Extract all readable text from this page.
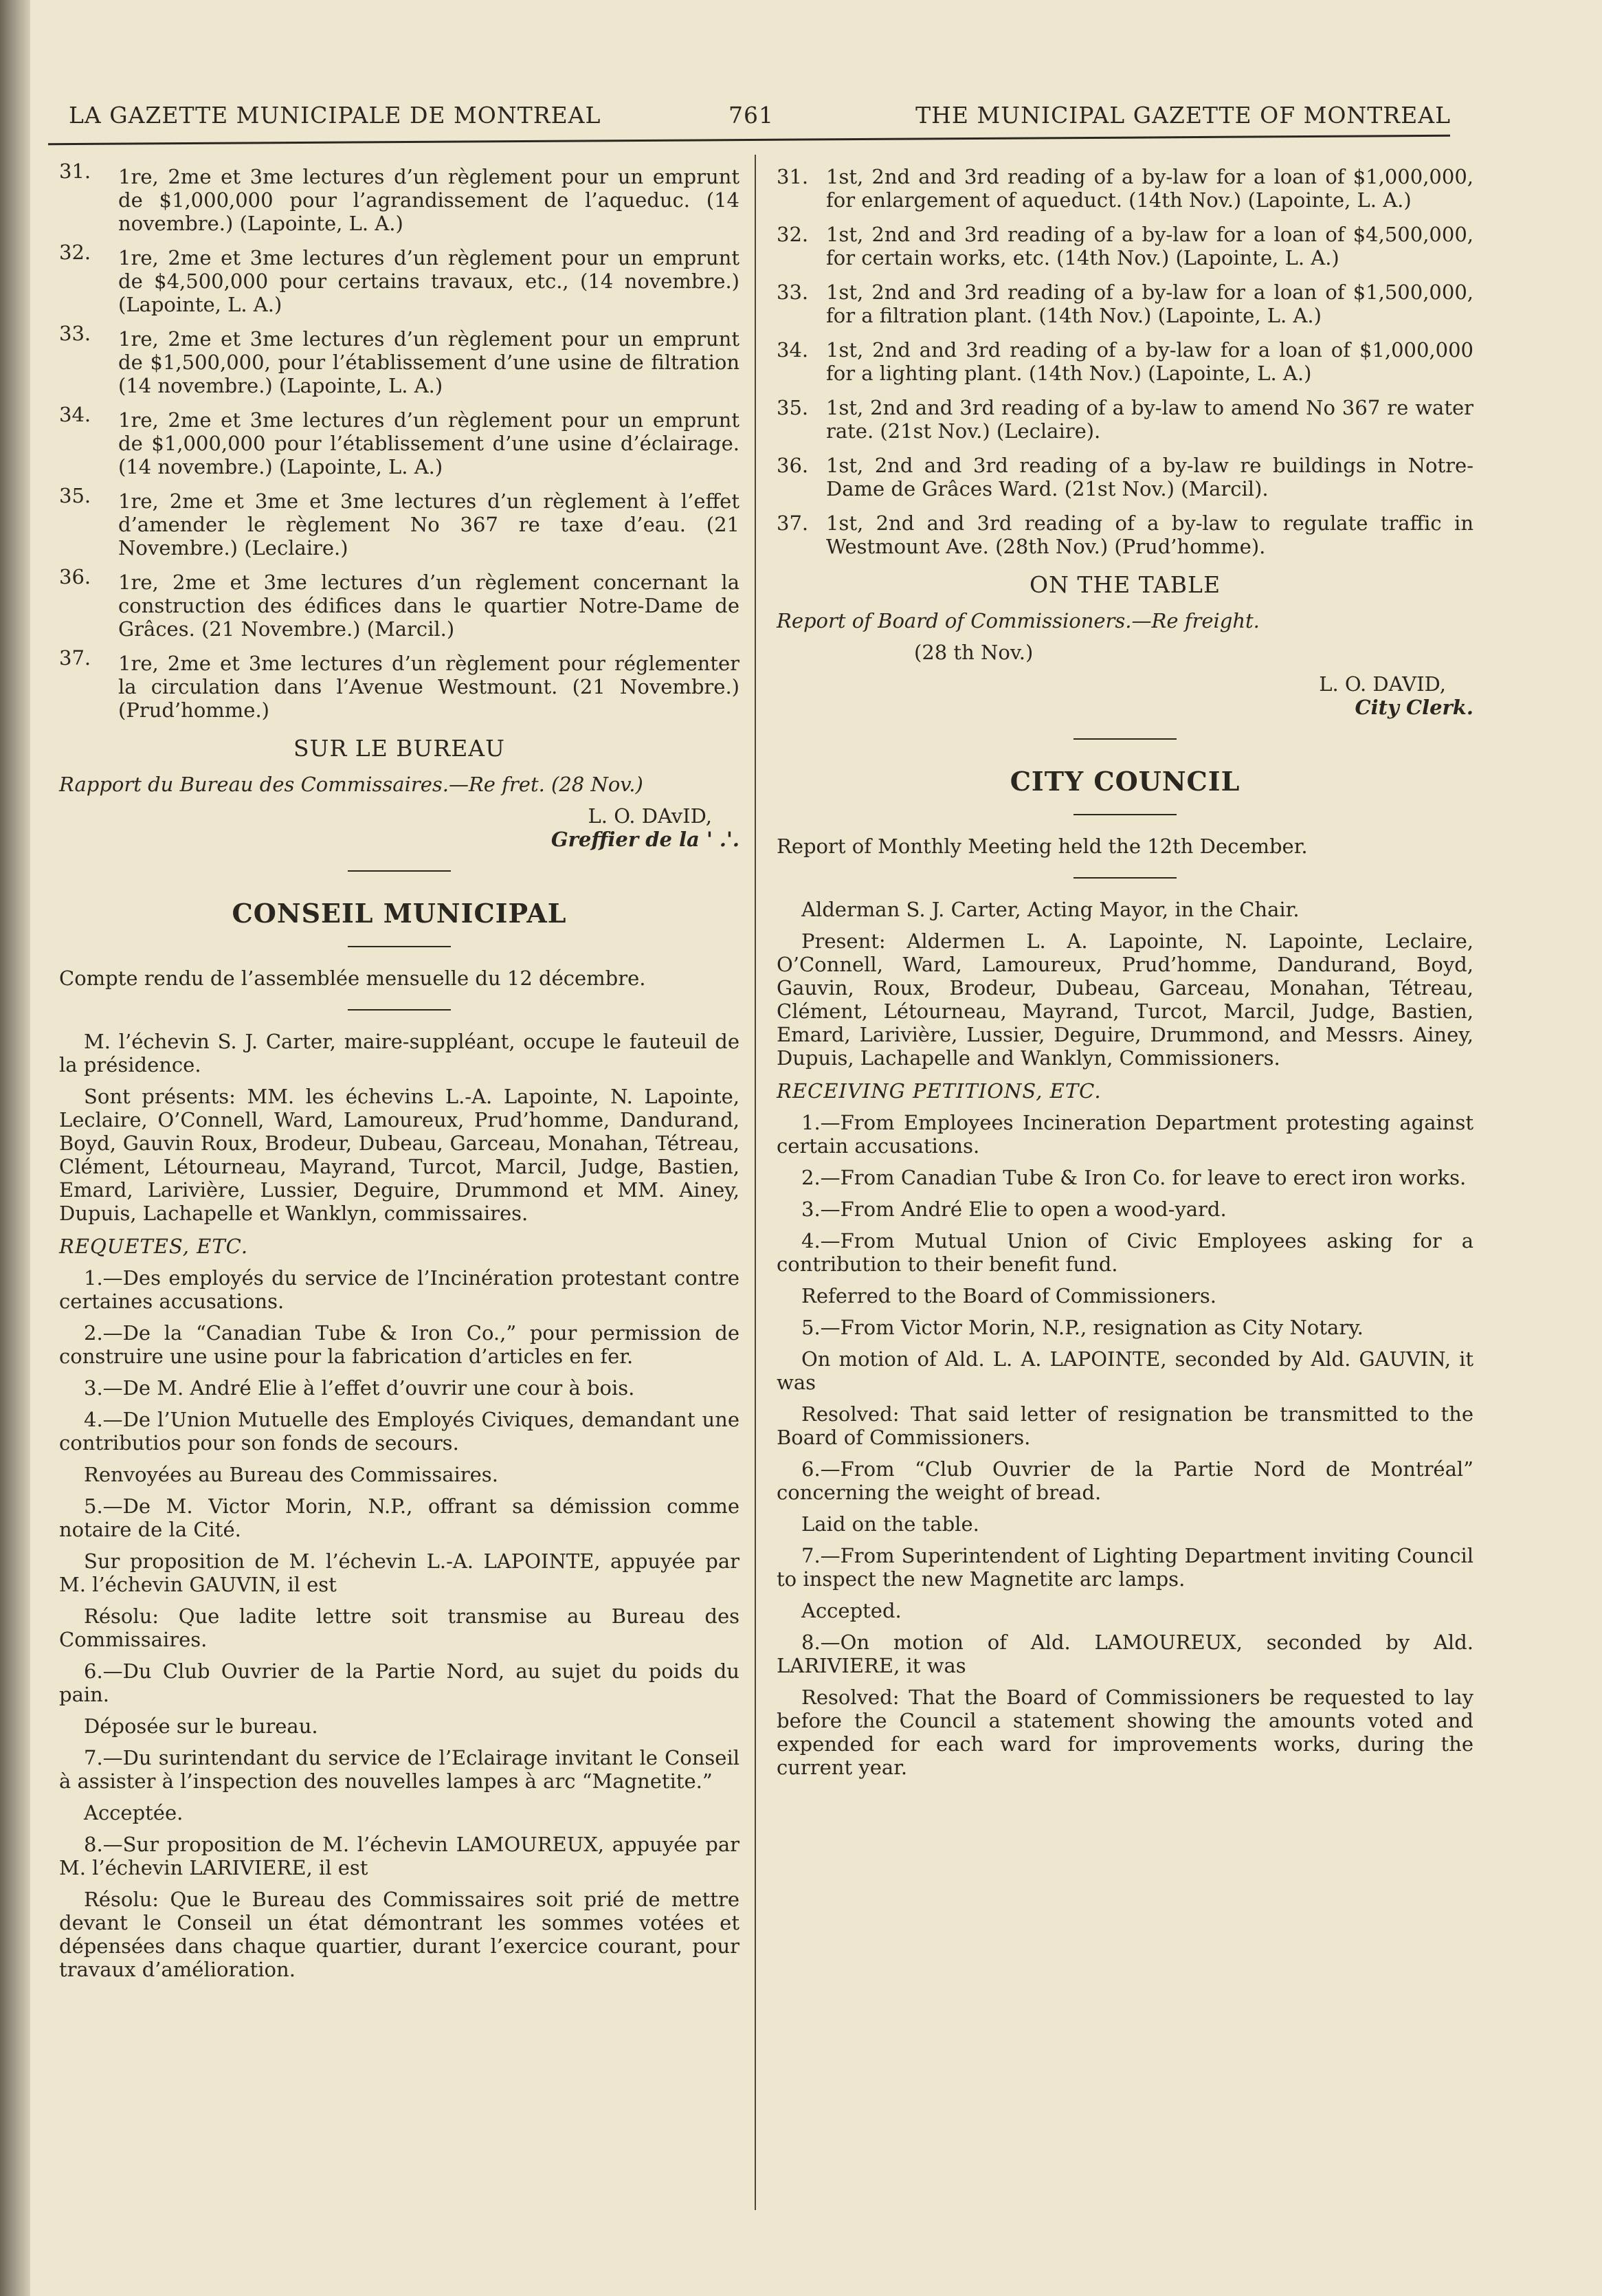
LA GAZETTE MUNICIPALE DE MONTREAL	761	THE MUNICIPAL GAZETTE OF MONTREAL
31.	1re, 2me et 3me lectures d’un règlement pour un emprunt de $1,000,000 pour l’agrandissement de l’aqueduc. (14 novembre.) (Lapointe, L. A.)
32.	1re, 2me et 3me lectures d’un règlement pour un emprunt de $4,500,000 pour certains travaux, etc., (14 novembre.) (Lapointe, L. A.)
33.	1re, 2me et 3me lectures d’un règlement pour un emprunt de $1,500,000, pour l’établissement d’une usine de filtration (14 novembre.) (Lapointe, L. A.)
34.	1re, 2me et 3me lectures d’un règlement pour un emprunt de $1,000,000 pour l’établissement d’une usine d’éclairage. (14 novembre.) (Lapointe, L. A.)
35.	1re, 2me et 3me et 3me lectures d’un règlement à l’effet d’amender le règlement No 367 re taxe d’eau. (21 Novembre.) (Leclaire.)
36.	1re, 2me et 3me lectures d’un règlement concernant la construction des édifices dans le quartier Notre-Dame de Grâces. (21 Novembre.) (Marcil.)
37.	1re, 2me et 3me lectures d’un règlement pour réglementer la circulation dans l’Avenue Westmount. (21 Novembre.) (Prud’homme.)
SUR LE BUREAU
Rapport du Bureau des Commissaires.—Re fret. (28 Nov.)
L. O. DAvID,
Greffier de la ' .'.
CONSEIL MUNICIPAL
Compte rendu de l’assemblée mensuelle du 12 décembre.
M. l’échevin S. J. Carter, maire-suppléant, occupe le fauteuil de la présidence.
Sont présents: MM. les échevins L.-A. Lapointe, N. Lapointe, Leclaire, O’Connell, Ward, Lamoureux, Prud’homme, Dandurand, Boyd, Gauvin Roux, Brodeur, Dubeau, Garceau, Monahan, Tétreau, Clément, Létourneau, Mayrand, Turcot, Marcil, Judge, Bastien, Emard, Larivière, Lussier, Deguire, Drummond et MM. Ainey, Dupuis, Lachapelle et Wanklyn, commissaires.
REQUETES, ETC.
1.—Des employés du service de l’Incinération protestant contre certaines accusations.
2.—De la “Canadian Tube & Iron Co.,” pour permission de construire une usine pour la fabrication d’articles en fer.
3.—De M. André Elie à l’effet d’ouvrir une cour à bois.
4.—De l’Union Mutuelle des Employés Civiques, demandant une contributios pour son fonds de secours.
Renvoyées au Bureau des Commissaires.
5.—De M. Victor Morin, N.P., offrant sa démission comme notaire de la Cité.
Sur proposition de M. l’échevin L.-A. LAPOINTE, appuyée par M. l’échevin GAUVIN, il est
Résolu: Que ladite lettre soit transmise au Bureau des Commissaires.
6.—Du Club Ouvrier de la Partie Nord, au sujet du poids du pain.
Déposée sur le bureau.
7.—Du surintendant du service de l’Eclairage invitant le Conseil à assister à l’inspection des nouvelles lampes à arc “Magnetite.”
Acceptée.
8.—Sur proposition de M. l’échevin LAMOUREUX, appuyée par M. l’échevin LARIVIERE, il est
Résolu: Que le Bureau des Commissaires soit prié de mettre devant le Conseil un état démontrant les sommes votées et dépensées dans chaque quartier, durant l’exercice courant, pour travaux d’amélioration.
31. 1st, 2nd and 3rd reading of a by-law for a loan of $1,000,000, for enlargement of aqueduct. (14th Nov.) (Lapointe, L. A.)
32. 1st, 2nd and 3rd reading of a by-law for a loan of $4,500,000, for certain works, etc. (14th Nov.) (Lapointe, L. A.)
33. 1st, 2nd and 3rd reading of a by-law for a loan of $1,500,000, for a filtration plant. (14th Nov.) (Lapointe, L. A.)
34. 1st, 2nd and 3rd reading of a by-law for a loan of $1,000,000 for a lighting plant. (14th Nov.) (Lapointe, L. A.)
35. 1st, 2nd and 3rd reading of a by-law to amend No 367 re water rate. (21st Nov.) (Leclaire).
36. 1st, 2nd and 3rd reading of a by-law re buildings in Notre-Dame de Grâces Ward. (21st Nov.) (Marcil).
37. 1st, 2nd and 3rd reading of a by-law to regulate traffic in Westmount Ave. (28th Nov.) (Prud’homme).
ON THE TABLE
Report of Board of Commissioners.—Re freight.
(28 th Nov.)
L. O. DAVID,
City Clerk.
CITY COUNCIL
Report of Monthly Meeting held the 12th December.
Alderman S. J. Carter, Acting Mayor, in the Chair.
Present: Aldermen L. A. Lapointe, N. Lapointe, Leclaire, O’Connell, Ward, Lamoureux, Prud’homme, Dandurand, Boyd, Gauvin, Roux, Brodeur, Dubeau, Garceau, Monahan, Tétreau, Clément, Létourneau, Mayrand, Turcot, Marcil, Judge, Bastien, Emard, Larivière, Lussier, Deguire, Drummond, and Messrs. Ainey, Dupuis, Lachapelle and Wanklyn, Commissioners.
RECEIVING PETITIONS, ETC.
1.—From Employees Incineration Department protesting against certain accusations.
2.—From Canadian Tube & Iron Co. for leave to erect iron works.
3.—From André Elie to open a wood-yard.
4.—From Mutual Union of Civic Employees asking for a contribution to their benefit fund.
Referred to the Board of Commissioners.
5.—From Victor Morin, N.P., resignation as City Notary.
On motion of Ald. L. A. LAPOINTE, seconded by Ald. GAUVIN, it was
Resolved: That said letter of resignation be transmitted to the Board of Commissioners.
6.—From “Club Ouvrier de la Partie Nord de Montréal” concerning the weight of bread.
Laid on the table.
7.—From Superintendent of Lighting Department inviting Council to inspect the new Magnetite arc lamps.
Accepted.
8.—On motion of Ald. LAMOUREUX, seconded by Ald. LARIVIERE, it was
Resolved: That the Board of Commissioners be requested to lay before the Council a statement showing the amounts voted and expended for each ward for improvements works, during the current year.
